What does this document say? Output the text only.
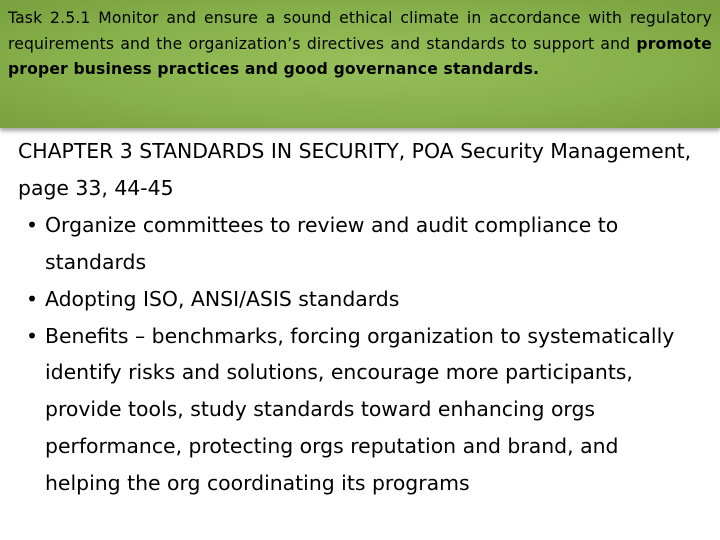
Task 2.5.1 Monitor and ensure a sound ethical climate in accordance with regulatory requirements and the organization’s directives and standards to support and promote proper business practices and good governance standards.

CHAPTER 3 STANDARDS IN SECURITY, POA Security Management, page 33, 44-45

• Organize committees to review and audit compliance to standards
• Adopting ISO, ANSI/ASIS standards
• Benefits – benchmarks, forcing organization to systematically identify risks and solutions, encourage more participants, provide tools, study standards toward enhancing orgs performance, protecting orgs reputation and brand, and helping the org coordinating its programs
